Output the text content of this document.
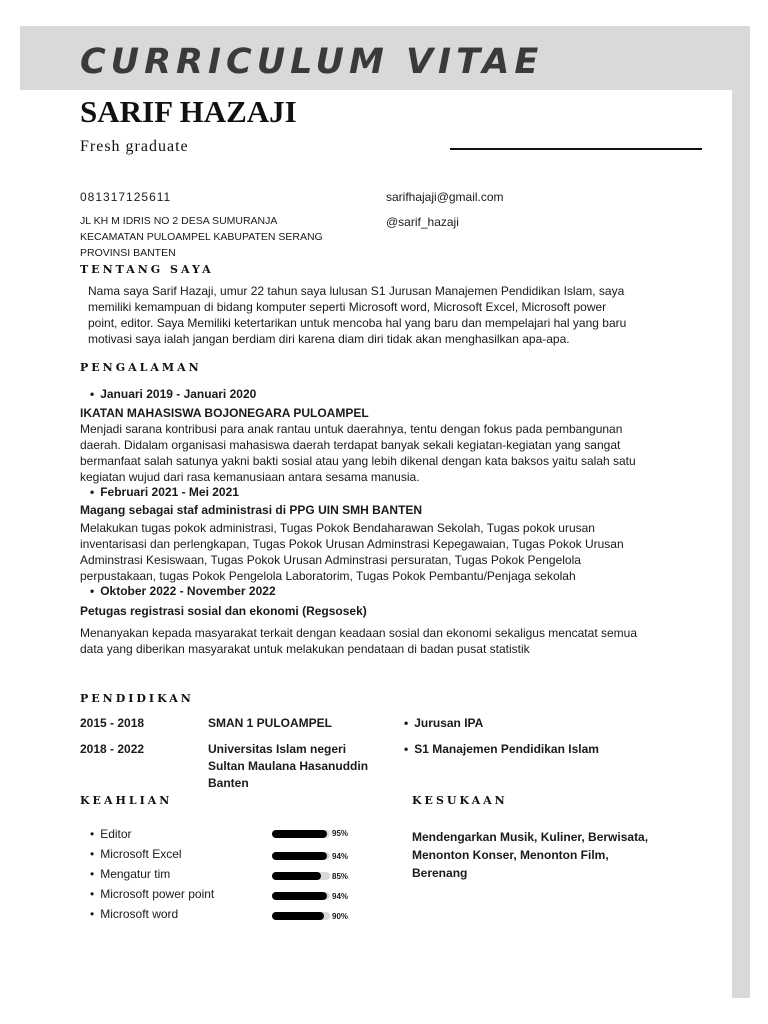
CURRICULUM VITAE
SARIF HAZAJI
Fresh graduate
081317125611	sarifhajaji@gmail.com
@sarif_hazaji
JL KH M IDRIS NO 2 DESA SUMURANJA
KECAMATAN PULOAMPEL KABUPATEN SERANG
PROVINSI BANTEN
TENTANG SAYA
Nama saya Sarif Hazaji, umur 22 tahun saya lulusan S1 Jurusan Manajemen Pendidikan Islam, saya
memiliki kemampuan di bidang komputer seperti Microsoft word, Microsoft Excel, Microsoft power
point, editor. Saya Memiliki ketertarikan untuk mencoba hal yang baru dan mempelajari hal yang baru
motivasi saya ialah jangan berdiam diri karena diam diri tidak akan menghasilkan apa-apa.
PENGALAMAN
• Januari 2019 - Januari 2020
IKATAN MAHASISWA BOJONEGARA PULOAMPEL
Menjadi sarana kontribusi para anak rantau untuk daerahnya, tentu dengan fokus pada pembangunan
daerah. Didalam organisasi mahasiswa daerah terdapat banyak sekali kegiatan-kegiatan yang sangat
bermanfaat salah satunya yakni bakti sosial atau yang lebih dikenal dengan kata baksos yaitu salah satu
kegiatan wujud dari rasa kemanusiaan antara sesama manusia.
• Februari 2021 - Mei 2021
Magang sebagai staf administrasi di PPG UIN SMH BANTEN
Melakukan tugas pokok administrasi, Tugas Pokok Bendaharawan Sekolah, Tugas pokok urusan
inventarisasi dan perlengkapan, Tugas Pokok Urusan Adminstrasi Kepegawaian, Tugas Pokok Urusan
Adminstrasi Kesiswaan, Tugas Pokok Urusan Adminstrasi persuratan, Tugas Pokok Pengelola
perpustakaan, tugas Pokok Pengelola Laboratorim, Tugas Pokok Pembantu/Penjaga sekolah
• Oktober 2022 - November 2022
Petugas registrasi sosial dan ekonomi (Regsosek)
Menanyakan kepada masyarakat terkait dengan keadaan sosial dan ekonomi sekaligus mencatat semua
data yang diberikan masyarakat untuk melakukan pendataan di badan pusat statistik
PENDIDIKAN
2015 - 2018	SMAN 1 PULOAMPEL
•	Jurusan IPA
2018 - 2022	Universitas Islam negeri Sultan Maulana Hasanuddin Banten
• S1 Manajemen Pendidikan Islam
KEAHLIAN
• Editor	95%
• Microsoft Excel	94%
• Mengatur tim	85%
• Microsoft power point	94%
• Microsoft word	90%
KESUKAAN
Mendengarkan Musik, Kuliner, Berwisata,
Menonton Konser, Menonton Film,
Berenang
